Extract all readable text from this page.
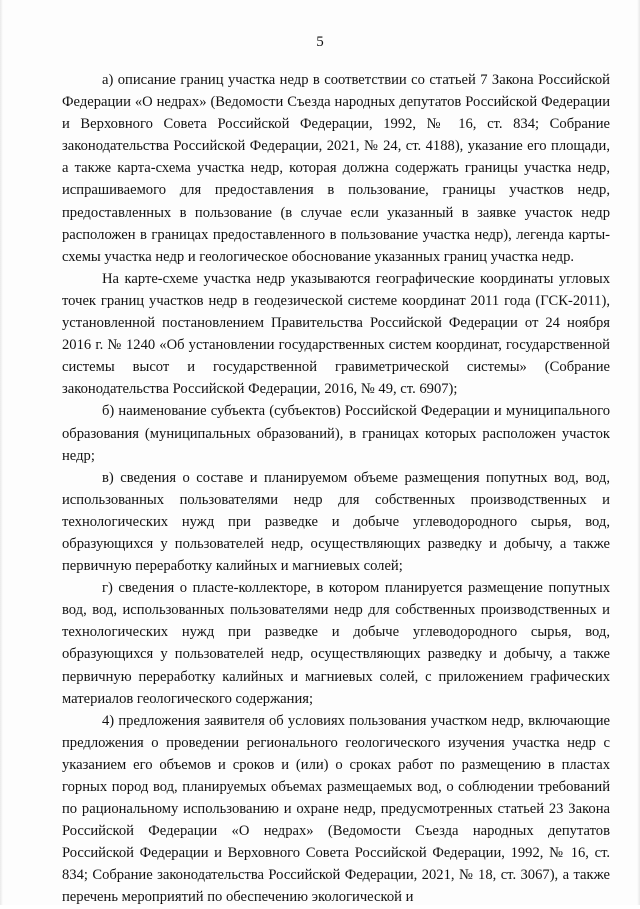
5

а) описание границ участка недр в соответствии со статьей 7 Закона Российской Федерации «О недрах» (Ведомости Съезда народных депутатов Российской Федерации и Верховного Совета Российской Федерации, 1992, № 16, ст. 834; Собрание законодательства Российской Федерации, 2021, № 24, ст. 4188), указание его площади, а также карта-схема участка недр, которая должна содержать границы участка недр, испрашиваемого для предоставления в пользование, границы участков недр, предоставленных в пользование (в случае если указанный в заявке участок недр расположен в границах предоставленного в пользование участка недр), легенда карты-схемы участка недр и геологическое обоснование указанных границ участка недр.

На карте-схеме участка недр указываются географические координаты угловых точек границ участков недр в геодезической системе координат 2011 года (ГСК-2011), установленной постановлением Правительства Российской Федерации от 24 ноября 2016 г. № 1240 «Об установлении государственных систем координат, государственной системы высот и государственной гравиметрической системы» (Собрание законодательства Российской Федерации, 2016, № 49, ст. 6907);

б) наименование субъекта (субъектов) Российской Федерации и муниципального образования (муниципальных образований), в границах которых расположен участок недр;

в) сведения о составе и планируемом объеме размещения попутных вод, вод, использованных пользователями недр для собственных производственных и технологических нужд при разведке и добыче углеводородного сырья, вод, образующихся у пользователей недр, осуществляющих разведку и добычу, а также первичную переработку калийных и магниевых солей;

г) сведения о пласте-коллекторе, в котором планируется размещение попутных вод, вод, использованных пользователями недр для собственных производственных и технологических нужд при разведке и добыче углеводородного сырья, вод, образующихся у пользователей недр, осуществляющих разведку и добычу, а также первичную переработку калийных и магниевых солей, с приложением графических материалов геологического содержания;

4) предложения заявителя об условиях пользования участком недр, включающие предложения о проведении регионального геологического изучения участка недр с указанием его объемов и сроков и (или) о сроках работ по размещению в пластах горных пород вод, планируемых объемах размещаемых вод, о соблюдении требований по рациональному использованию и охране недр, предусмотренных статьей 23 Закона Российской Федерации «О недрах» (Ведомости Съезда народных депутатов Российской Федерации и Верховного Совета Российской Федерации, 1992, № 16, ст. 834; Собрание законодательства Российской Федерации, 2021, № 18, ст. 3067), а также перечень мероприятий по обеспечению экологической и
